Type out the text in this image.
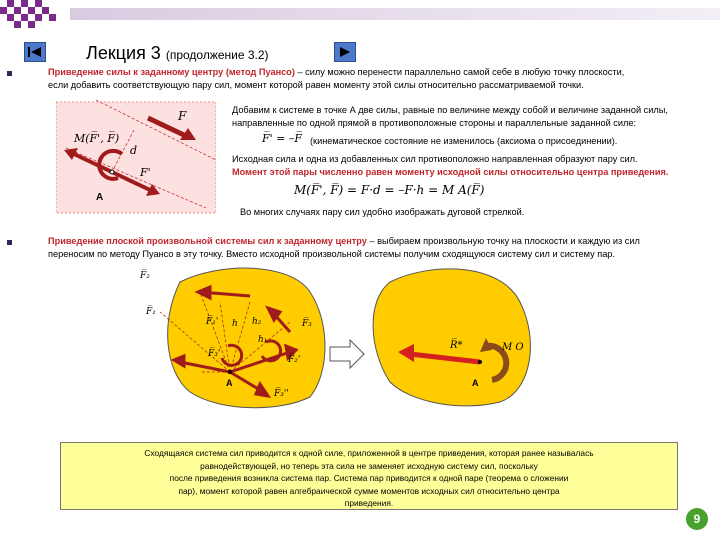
Лекция 3 (продолжение 3.2)
Приведение силы к заданному центру (метод Пуансо) – силу можно перенести параллельно самой себе в любую точку плоскости,
если добавить соответствующую пару сил, момент которой равен моменту этой силы относительно рассматриваемой точки.
F
F'
d
A
M(F̅', F̅)
Добавим к системе в точке А две силы, равные по величине между собой и величине заданной силы,
направленные по одной прямой в противоположные стороны и параллельные заданной силе:
F̅' = –F̅ (кинематическое состояние не изменилось (аксиома о присоединении).
Исходная сила и одна из добавленных сил противоположно направленная образуют пару сил.
Момент этой пары численно равен моменту исходной силы относительно центра приведения.
M(F̅', F̅) = F·d = –F·h = M A(F̅)
Во многих случаях пару сил удобно изображать дуговой стрелкой.
Приведение плоской произвольной системы сил к заданному центру – выбираем произвольную точку на плоскости и каждую из сил
переносим по методу Пуансо в эту точку. Вместо исходной произвольной системы получим сходящуюся систему сил и систему пар.
F̅₂
F̅₁
F̅₃
h h₂
h₁
F̅₁'
F̅₂'
F̅₃'
F̅₃''
A
R̅*	M O
A
Сходящаяся система сил приводится к одной силе, приложенной в центре приведения, которая ранее называлась
равнодействующей, но теперь эта сила не заменяет исходную систему сил, поскольку
после приведения возникла система пар. Система пар приводится к одной паре (теорема о сложении
пар), момент которой равен алгебраической сумме моментов исходных сил относительно центра
приведения.
9
